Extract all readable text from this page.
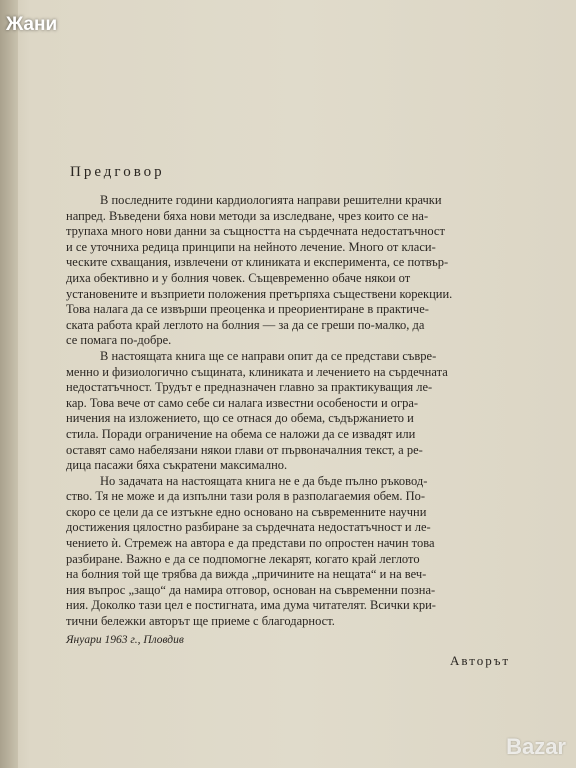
Жани
Предговор

В последните години кардиологията направи решителни крачки
напред. Въведени бяха нови методи за изследване, чрез които се на-
трупаха много нови данни за същността на сърдечната недостатъчност
и се уточниха редица принципи на нейното лечение. Много от класи-
ческите схващания, извлечени от клиниката и експеримента, се потвър-
диха обективно и у болния човек. Същевременно обаче някои от
установените и възприети положения претърпяха съществени корекции.
Това налага да се извърши преоценка и преориентиране в практиче-
ската работа край леглото на болния — за да се греши по-малко, да
се помага по-добре.

В настоящата книга ще се направи опит да се представи съвре-
менно и физиологично същината, клиниката и лечението на сърдечната
недостатъчност. Трудът е предназначен главно за практикуващия ле-
кар. Това вече от само себе си налага известни особености и огра-
ничения на изложението, що се отнася до обема, съдържанието и
стила. Поради ограничение на обема се наложи да се извадят или
оставят само набелязани някои глави от първоначалния текст, а ре-
дица пасажи бяха съкратени максимално.

Но задачата на настоящата книга не е да бъде пълно ръковод-
ство. Тя не може и да изпълни тази роля в разполагаемия обем. По-
скоро се цели да се изтъкне едно основано на съвременните научни
достижения цялостно разбиране за сърдечната недостатъчност и ле-
чението ѝ. Стремеж на автора е да представи по опростен начин това
разбиране. Важно е да се подпомогне лекарят, когато край леглото
на болния той ще трябва да вижда „причините на нещата“ и на веч-
ния въпрос „защо“ да намира отговор, основан на съвременни позна-
ния. Доколко тази цел е постигната, има дума читателят. Всички кри-
тични бележки авторът ще приеме с благодарност.

Януари 1963 г., Пловдив
Авторът
Bazar
